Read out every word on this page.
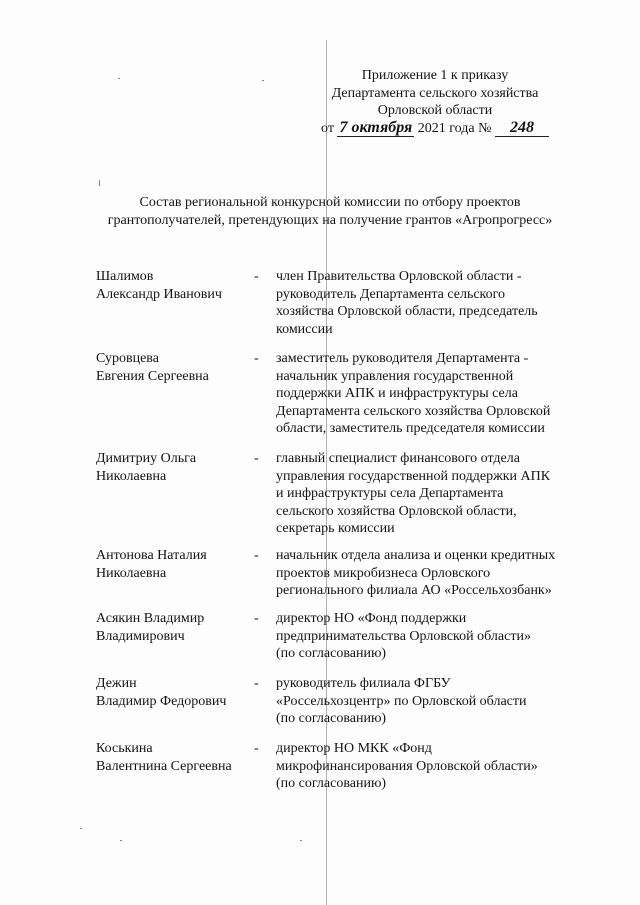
Приложение 1 к приказу
Департамента сельского хозяйства
Орловской области
от 7 октября 2021 года № 248
Состав региональной конкурсной комиссии по отбору проектов
грантополучателей, претендующих на получение грантов «Агропрогресс»
Шалимов
Александр Иванович
- член Правительства Орловской области -
руководитель Департамента сельского
хозяйства Орловской области, председатель
комиссии
Суровцева
Евгения Сергеевна
- заместитель руководителя Департамента -
начальник управления государственной
поддержки АПК и инфраструктуры села
Департамента сельского хозяйства Орловской
области, заместитель председателя комиссии
Димитриу Ольга
Николаевна
- главный специалист финансового отдела
управления государственной поддержки АПК
и инфраструктуры села Департамента
сельского хозяйства Орловской области,
секретарь комиссии
Антонова Наталия
Николаевна
- начальник отдела анализа и оценки кредитных
проектов микробизнеса Орловского
регионального филиала АО «Россельхозбанк»
Асякин Владимир
Владимирович
- директор НО «Фонд поддержки
предпринимательства Орловской области»
(по согласованию)
Дежин
Владимир Федорович
- руководитель филиала ФГБУ
«Россельхозцентр» по Орловской области
(по согласованию)
Коськина
Валентнина Сергеевна
- директор НО МКК «Фонд
микрофинансирования Орловской области»
(по согласованию)
